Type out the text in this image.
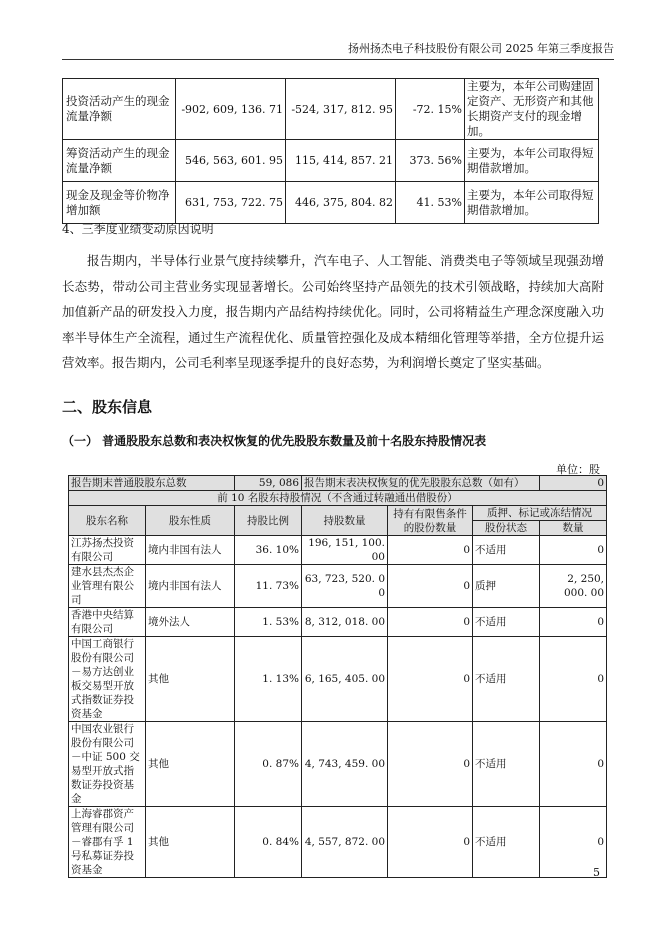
扬州扬杰电子科技股份有限公司 2025 年第三季度报告
投资活动产生的现金流量净额	-902, 609, 136. 71	-524, 317, 812. 95	-72. 15%	主要为，本年公司购建固定资产、无形资产和其他长期资产支付的现金增加。
筹资活动产生的现金流量净额	546, 563, 601. 95	115, 414, 857. 21	373. 56%	主要为，本年公司取得短期借款增加。
现金及现金等价物净增加额	631, 753, 722. 75	446, 375, 804. 82	41. 53%	主要为，本年公司取得短期借款增加。
4、三季度业绩变动原因说明
报告期内，半导体行业景气度持续攀升，汽车电子、人工智能、消费类电子等领域呈现强劲增长态势，带动公司主营业务实现显著增长。公司始终坚持产品领先的技术引领战略，持续加大高附加值新产品的研发投入力度，报告期内产品结构持续优化。同时，公司将精益生产理念深度融入功率半导体生产全流程，通过生产流程优化、质量管控强化及成本精细化管理等举措，全方位提升运营效率。报告期内，公司毛利率呈现逐季提升的良好态势，为利润增长奠定了坚实基础。
二、股东信息
（一） 普通股股东总数和表决权恢复的优先股股东数量及前十名股东持股情况表
单位：股
报告期末普通股股东总数		59, 086	报告期末表决权恢复的优先股股东总数（如有）			0
前 10 名股东持股情况（不含通过转融通出借股份）						
股东名称	股东性质	持股比例	持股数量	持有有限售条件的股份数量	质押、标记或冻结情况	
					股份状态	数量
江苏扬杰投资有限公司	境内非国有法人	36. 10%	196, 151, 100. 00	0	不适用	0
建水县杰杰企业管理有限公司	境内非国有法人	11. 73%	63, 723, 520. 00	0	质押	2, 250, 000. 00
香港中央结算有限公司	境外法人	1. 53%	8, 312, 018. 00	0	不适用	0
中国工商银行股份有限公司－易方达创业板交易型开放式指数证券投资基金	其他	1. 13%	6, 165, 405. 00	0	不适用	0
中国农业银行股份有限公司－中证 500 交易型开放式指数证券投资基金	其他	0. 87%	4, 743, 459. 00	0	不适用	0
上海睿郡资产管理有限公司－睿郡有孚 1 号私募证券投资基金	其他	0. 84%	4, 557, 872. 00	0	不适用	0
5
